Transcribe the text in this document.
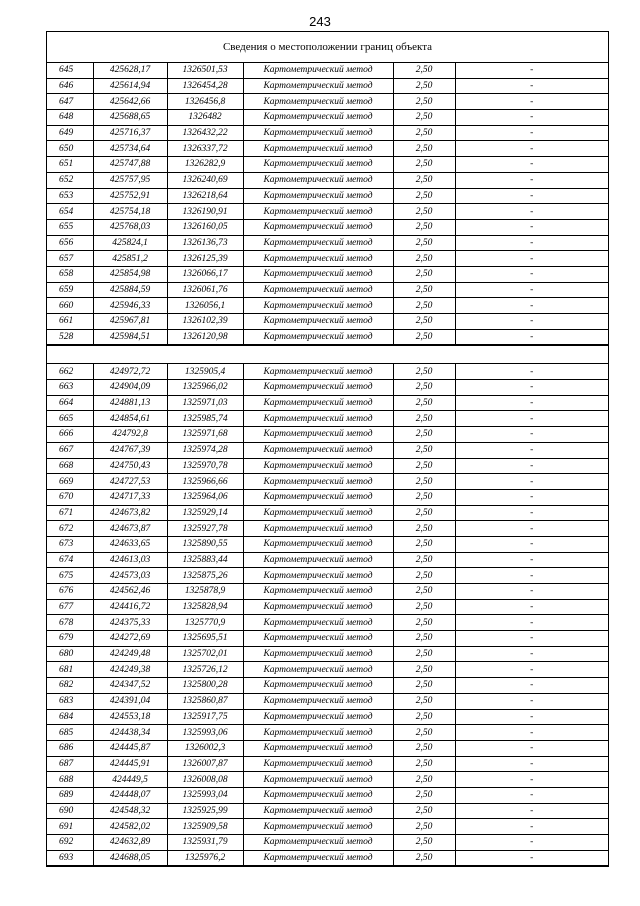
243
Сведения о местоположении границ объекта
645	425628,17	1326501,53	Картометрический метод	2,50	-
646	425614,94	1326454,28	Картометрический метод	2,50	-
647	425642,66	1326456,8	Картометрический метод	2,50	-
648	425688,65	1326482	Картометрический метод	2,50	-
649	425716,37	1326432,22	Картометрический метод	2,50	-
650	425734,64	1326337,72	Картометрический метод	2,50	-
651	425747,88	1326282,9	Картометрический метод	2,50	-
652	425757,95	1326240,69	Картометрический метод	2,50	-
653	425752,91	1326218,64	Картометрический метод	2,50	-
654	425754,18	1326190,91	Картометрический метод	2,50	-
655	425768,03	1326160,05	Картометрический метод	2,50	-
656	425824,1	1326136,73	Картометрический метод	2,50	-
657	425851,2	1326125,39	Картометрический метод	2,50	-
658	425854,98	1326066,17	Картометрический метод	2,50	-
659	425884,59	1326061,76	Картометрический метод	2,50	-
660	425946,33	1326056,1	Картометрический метод	2,50	-
661	425967,81	1326102,39	Картометрический метод	2,50	-
528	425984,51	1326120,98	Картометрический метод	2,50	-

662	424972,72	1325905,4	Картометрический метод	2,50	-
663	424904,09	1325966,02	Картометрический метод	2,50	-
664	424881,13	1325971,03	Картометрический метод	2,50	-
665	424854,61	1325985,74	Картометрический метод	2,50	-
666	424792,8	1325971,68	Картометрический метод	2,50	-
667	424767,39	1325974,28	Картометрический метод	2,50	-
668	424750,43	1325970,78	Картометрический метод	2,50	-
669	424727,53	1325966,66	Картометрический метод	2,50	-
670	424717,33	1325964,06	Картометрический метод	2,50	-
671	424673,82	1325929,14	Картометрический метод	2,50	-
672	424673,87	1325927,78	Картометрический метод	2,50	-
673	424633,65	1325890,55	Картометрический метод	2,50	-
674	424613,03	1325883,44	Картометрический метод	2,50	-
675	424573,03	1325875,26	Картометрический метод	2,50	-
676	424562,46	1325878,9	Картометрический метод	2,50	-
677	424416,72	1325828,94	Картометрический метод	2,50	-
678	424375,33	1325770,9	Картометрический метод	2,50	-
679	424272,69	1325695,51	Картометрический метод	2,50	-
680	424249,48	1325702,01	Картометрический метод	2,50	-
681	424249,38	1325726,12	Картометрический метод	2,50	-
682	424347,52	1325800,28	Картометрический метод	2,50	-
683	424391,04	1325860,87	Картометрический метод	2,50	-
684	424553,18	1325917,75	Картометрический метод	2,50	-
685	424438,34	1325993,06	Картометрический метод	2,50	-
686	424445,87	1326002,3	Картометрический метод	2,50	-
687	424445,91	1326007,87	Картометрический метод	2,50	-
688	424449,5	1326008,08	Картометрический метод	2,50	-
689	424448,07	1325993,04	Картометрический метод	2,50	-
690	424548,32	1325925,99	Картометрический метод	2,50	-
691	424582,02	1325909,58	Картометрический метод	2,50	-
692	424632,89	1325931,79	Картометрический метод	2,50	-
693	424688,05	1325976,2	Картометрический метод	2,50	-
